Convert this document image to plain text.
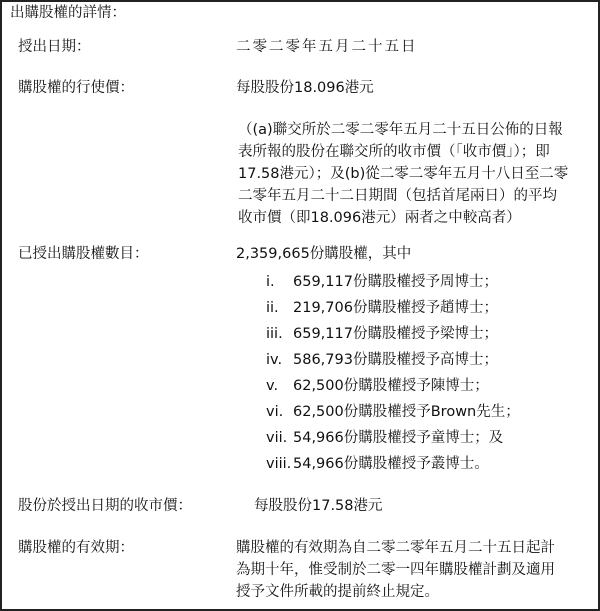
出購股權的詳情：
授出日期：	二零二零年五月二十五日
購股權的行使價：	每股股份18.096港元
（(a)聯交所於二零二零年五月二十五日公佈的日報
表所報的股份在聯交所的收市價（「收市價」）；即
17.58港元）；及(b)從二零二零年五月十八日至二零
二零年五月二十二日期間（包括首尾兩日）的平均
收市價（即18.096港元）兩者之中較高者）
已授出購股權數目：	2,359,665份購股權，其中
i. 659,117份購股權授予周博士；
ii. 219,706份購股權授予趙博士；
iii. 659,117份購股權授予梁博士；
iv. 586,793份購股權授予高博士；
v. 62,500份購股權授予陳博士；
vi. 62,500份購股權授予Brown先生；
vii. 54,966份購股權授予童博士；及
viii. 54,966份購股權授予叢博士。
股份於授出日期的收市價：	每股股份17.58港元
購股權的有效期：	購股權的有效期為自二零二零年五月二十五日起計
為期十年，惟受制於二零一四年購股權計劃及適用
授予文件所載的提前終止規定。
